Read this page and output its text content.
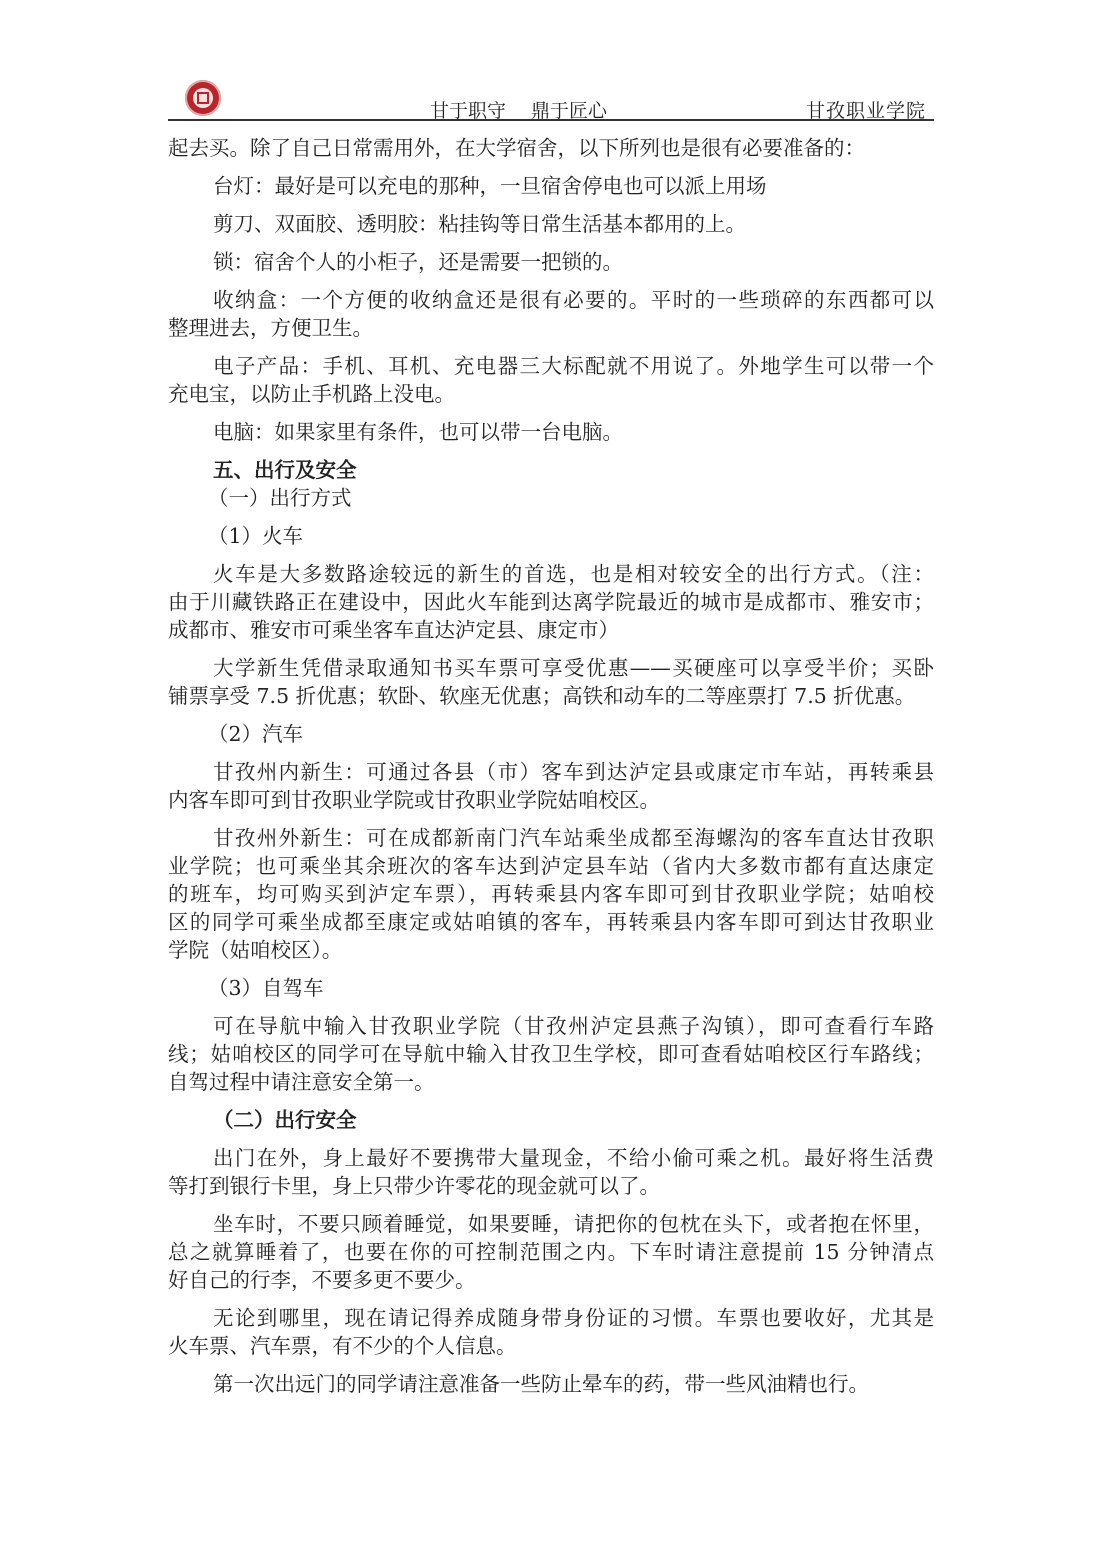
甘于职守　 鼎于匠心	甘孜职业学院
起去买。除了自己日常需用外，在大学宿舍，以下所列也是很有必要准备的：
台灯：最好是可以充电的那种，一旦宿舍停电也可以派上用场
剪刀、双面胶、透明胶：粘挂钩等日常生活基本都用的上。
锁：宿舍个人的小柜子，还是需要一把锁的。
收纳盒：一个方便的收纳盒还是很有必要的。平时的一些琐碎的东西都可以
整理进去，方便卫生。
电子产品：手机、耳机、充电器三大标配就不用说了。外地学生可以带一个
充电宝，以防止手机路上没电。
电脑：如果家里有条件，也可以带一台电脑。
五、出行及安全
（一）出行方式
（1）火车
火车是大多数路途较远的新生的首选，也是相对较安全的出行方式。（注：
由于川藏铁路正在建设中，因此火车能到达离学院最近的城市是成都市、雅安市；
成都市、雅安市可乘坐客车直达泸定县、康定市）
大学新生凭借录取通知书买车票可享受优惠——买硬座可以享受半价；买卧
铺票享受 7.5 折优惠；软卧、软座无优惠；高铁和动车的二等座票打 7.5 折优惠。
（2）汽车
甘孜州内新生：可通过各县（市）客车到达泸定县或康定市车站，再转乘县
内客车即可到甘孜职业学院或甘孜职业学院姑咱校区。
甘孜州外新生：可在成都新南门汽车站乘坐成都至海螺沟的客车直达甘孜职
业学院；也可乘坐其余班次的客车达到泸定县车站（省内大多数市都有直达康定
的班车，均可购买到泸定车票），再转乘县内客车即可到甘孜职业学院；姑咱校
区的同学可乘坐成都至康定或姑咱镇的客车，再转乘县内客车即可到达甘孜职业
学院（姑咱校区）。
（3）自驾车
可在导航中输入甘孜职业学院（甘孜州泸定县燕子沟镇），即可查看行车路
线；姑咱校区的同学可在导航中输入甘孜卫生学校，即可查看姑咱校区行车路线；
自驾过程中请注意安全第一。
（二）出行安全
出门在外，身上最好不要携带大量现金，不给小偷可乘之机。最好将生活费
等打到银行卡里，身上只带少许零花的现金就可以了。
坐车时，不要只顾着睡觉，如果要睡，请把你的包枕在头下，或者抱在怀里，
总之就算睡着了，也要在你的可控制范围之内。下车时请注意提前 15 分钟清点
好自己的行李，不要多更不要少。
无论到哪里，现在请记得养成随身带身份证的习惯。车票也要收好，尤其是
火车票、汽车票，有不少的个人信息。
第一次出远门的同学请注意准备一些防止晕车的药，带一些风油精也行。
